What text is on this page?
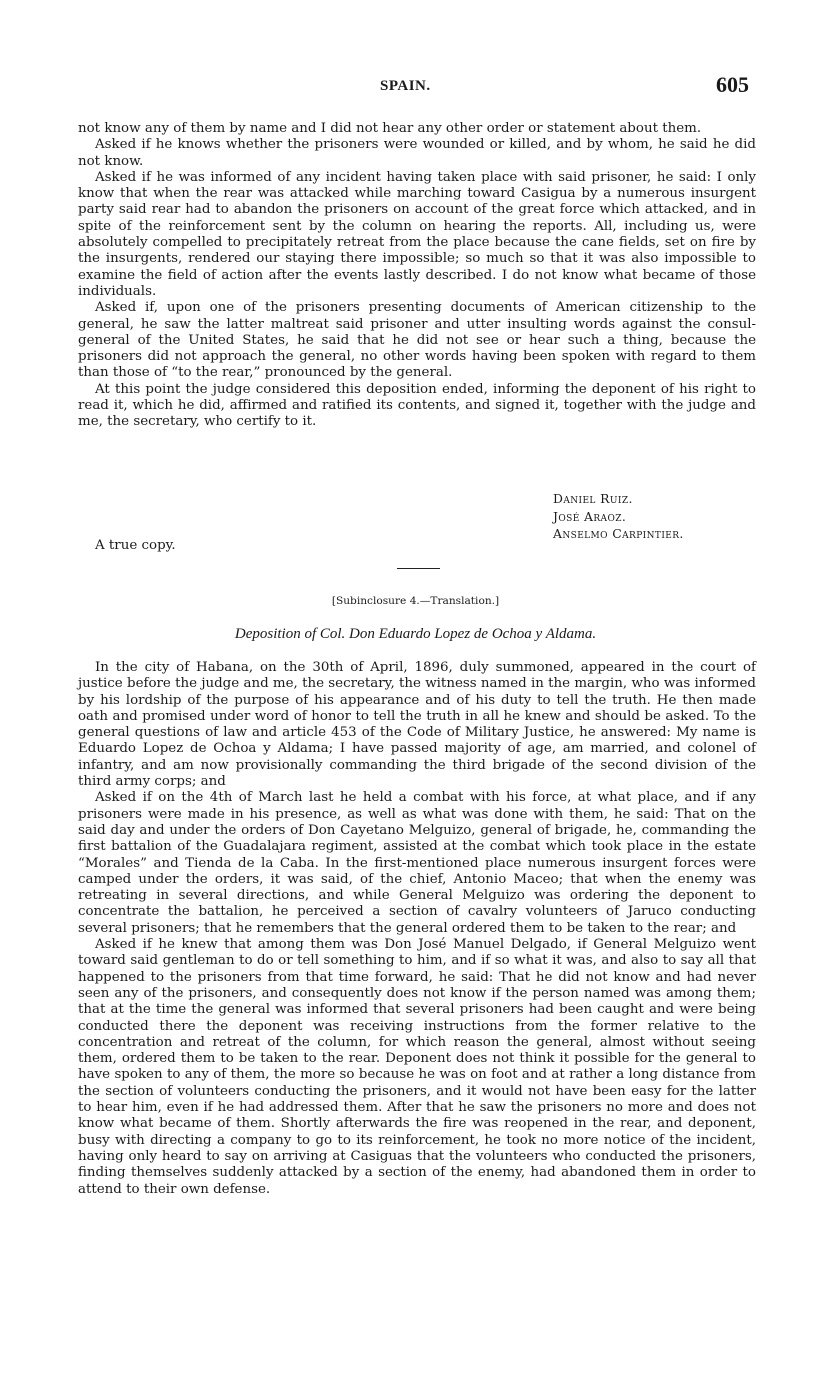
SPAIN.	605

not know any of them by name and I did not hear any other order or statement about them.

Asked if he knows whether the prisoners were wounded or killed, and by whom, he said he did not know.

Asked if he was informed of any incident having taken place with said prisoner, he said: I only know that when the rear was attacked while marching toward Casigua by a numerous insurgent party said rear had to abandon the prisoners on account of the great force which attacked, and in spite of the reinforcement sent by the column on hearing the reports. All, including us, were absolutely compelled to precipitately retreat from the place because the cane fields, set on fire by the insurgents, rendered our staying there impossible; so much so that it was also impossible to examine the field of action after the events lastly described. I do not know what became of those individuals.

Asked if, upon one of the prisoners presenting documents of American citizenship to the general, he saw the latter maltreat said prisoner and utter insulting words against the consul-general of the United States, he said that he did not see or hear such a thing, because the prisoners did not approach the general, no other words having been spoken with regard to them than those of “to the rear,” pronounced by the general.

At this point the judge considered this deposition ended, informing the deponent of his right to read it, which he did, affirmed and ratified its contents, and signed it, together with the judge and me, the secretary, who certify to it.

Daniel Ruiz.
José Araoz.
Anselmo Carpintier.
A true copy.
[Subinclosure 4.—Translation.]
Deposition of Col. Don Eduardo Lopez de Ochoa y Aldama.

In the city of Habana, on the 30th of April, 1896, duly summoned, appeared in the court of justice before the judge and me, the secretary, the witness named in the margin, who was informed by his lordship of the purpose of his appearance and of his duty to tell the truth. He then made oath and promised under word of honor to tell the truth in all he knew and should be asked. To the general questions of law and article 453 of the Code of Military Justice, he answered: My name is Eduardo Lopez de Ochoa y Aldama; I have passed majority of age, am married, and colonel of infantry, and am now provisionally commanding the third brigade of the second division of the third army corps; and

Asked if on the 4th of March last he held a combat with his force, at what place, and if any prisoners were made in his presence, as well as what was done with them, he said: That on the said day and under the orders of Don Cayetano Melguizo, general of brigade, he, commanding the first battalion of the Guadalajara regiment, assisted at the combat which took place in the estate “Morales” and Tienda de la Caba. In the first-mentioned place numerous insurgent forces were camped under the orders, it was said, of the chief, Antonio Maceo; that when the enemy was retreating in several directions, and while General Melguizo was ordering the deponent to concentrate the battalion, he perceived a section of cavalry volunteers of Jaruco conducting several prisoners; that he remembers that the general ordered them to be taken to the rear; and

Asked if he knew that among them was Don José Manuel Delgado, if General Melguizo went toward said gentleman to do or tell something to him, and if so what it was, and also to say all that happened to the prisoners from that time forward, he said: That he did not know and had never seen any of the prisoners, and consequently does not know if the person named was among them; that at the time the general was informed that several prisoners had been caught and were being conducted there the deponent was receiving instructions from the former relative to the concentration and retreat of the column, for which reason the general, almost without seeing them, ordered them to be taken to the rear. Deponent does not think it possible for the general to have spoken to any of them, the more so because he was on foot and at rather a long distance from the section of volunteers conducting the prisoners, and it would not have been easy for the latter to hear him, even if he had addressed them. After that he saw the prisoners no more and does not know what became of them. Shortly afterwards the fire was reopened in the rear, and deponent, busy with directing a company to go to its reinforcement, he took no more notice of the incident, having only heard to say on arriving at Casiguas that the volunteers who conducted the prisoners, finding themselves suddenly attacked by a section of the enemy, had abandoned them in order to attend to their own defense.
